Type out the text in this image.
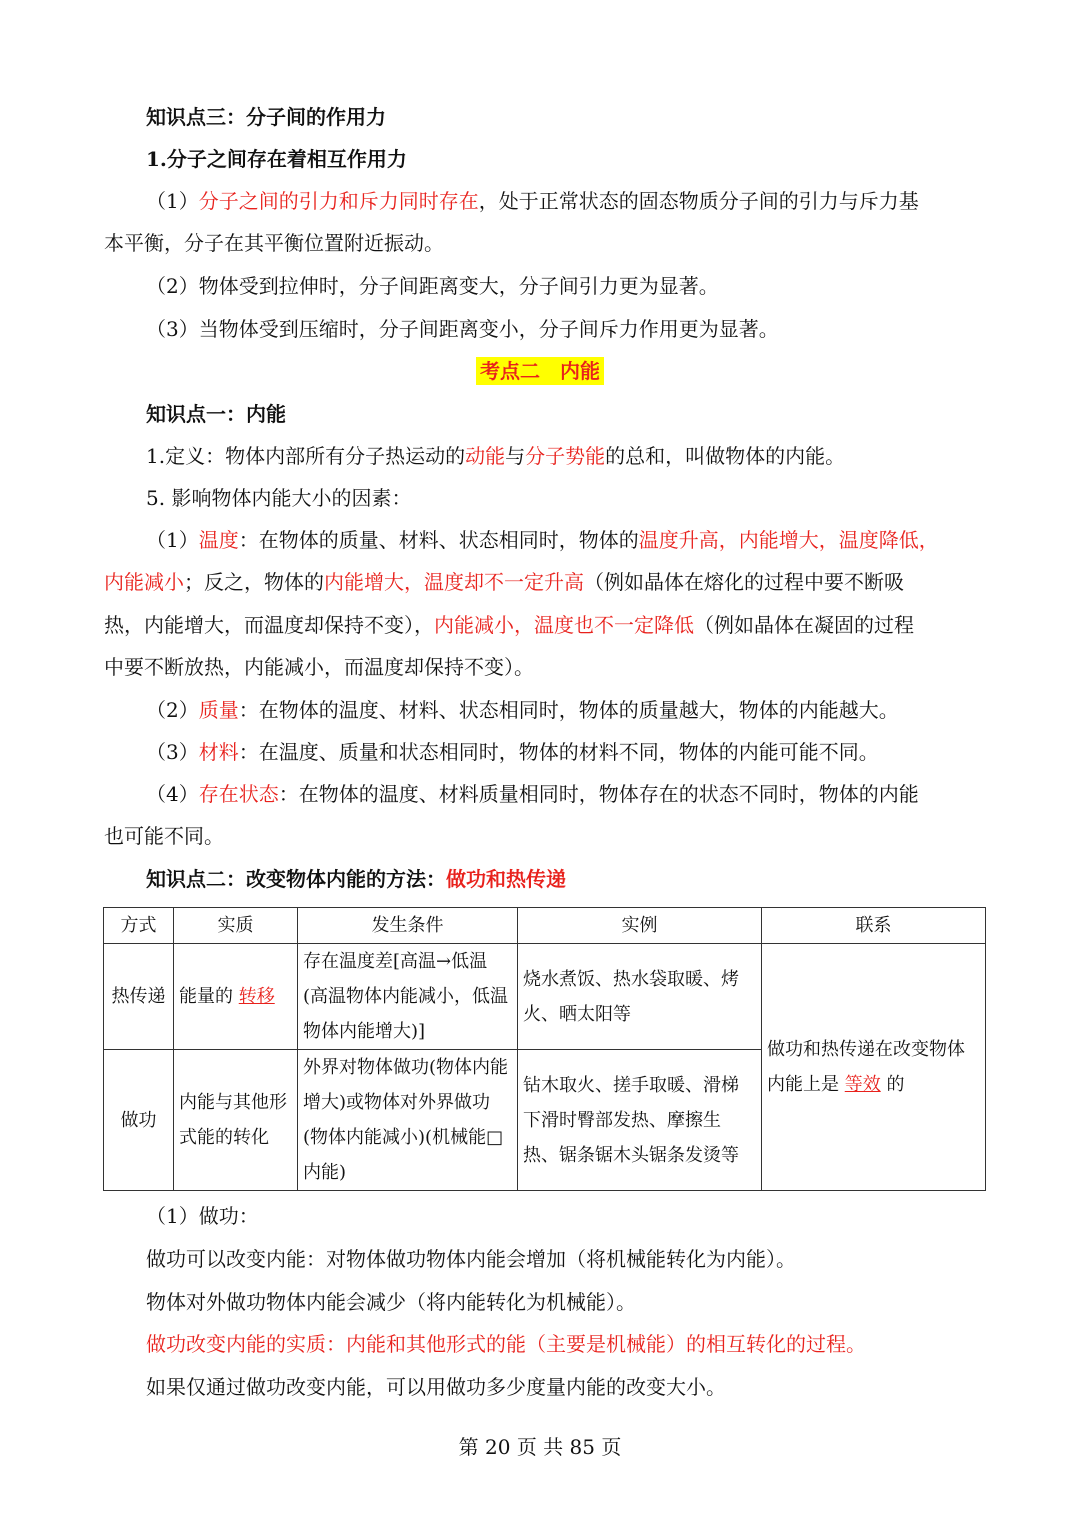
知识点三：分子间的作用力
1.分子之间存在着相互作用力
（1）分子之间的引力和斥力同时存在，处于正常状态的固态物质分子间的引力与斥力基
本平衡，分子在其平衡位置附近振动。
（2）物体受到拉伸时，分子间距离变大，分子间引力更为显著。
（3）当物体受到压缩时，分子间距离变小，分子间斥力作用更为显著。
考点二　内能
知识点一：内能
1.定义：物体内部所有分子热运动的动能与分子势能的总和，叫做物体的内能。
5. 影响物体内能大小的因素：
（1）温度：在物体的质量、材料、状态相同时，物体的温度升高，内能增大，温度降低，
内能减小；反之，物体的内能增大，温度却不一定升高（例如晶体在熔化的过程中要不断吸
热，内能增大，而温度却保持不变），内能减小，温度也不一定降低（例如晶体在凝固的过程
中要不断放热，内能减小，而温度却保持不变）。
（2）质量：在物体的温度、材料、状态相同时，物体的质量越大，物体的内能越大。
（3）材料：在温度、质量和状态相同时，物体的材料不同，物体的内能可能不同。
（4）存在状态：在物体的温度、材料质量相同时，物体存在的状态不同时，物体的内能
也可能不同。
知识点二：改变物体内能的方法：做功和热传递
方式	实质	发生条件	实例	联系
热传递	能量的 转移	存在温度差[高温→低温(高温物体内能减小，低温物体内能增大)]	烧水煮饭、热水袋取暖、烤火、晒太阳等	做功和热传递在改变物体内能上是 等效 的
做功	内能与其他形式能的转化	外界对物体做功(物体内能增大)或物体对外界做功(物体内能减小)(机械能□ 内能)	钻木取火、搓手取暖、滑梯下滑时臀部发热、摩擦生热、锯条锯木头锯条发烫等	
（1）做功：
做功可以改变内能：对物体做功物体内能会增加（将机械能转化为内能）。
物体对外做功物体内能会减少（将内能转化为机械能）。
做功改变内能的实质：内能和其他形式的能（主要是机械能）的相互转化的过程。
如果仅通过做功改变内能，可以用做功多少度量内能的改变大小。
第 20 页 共 85 页
